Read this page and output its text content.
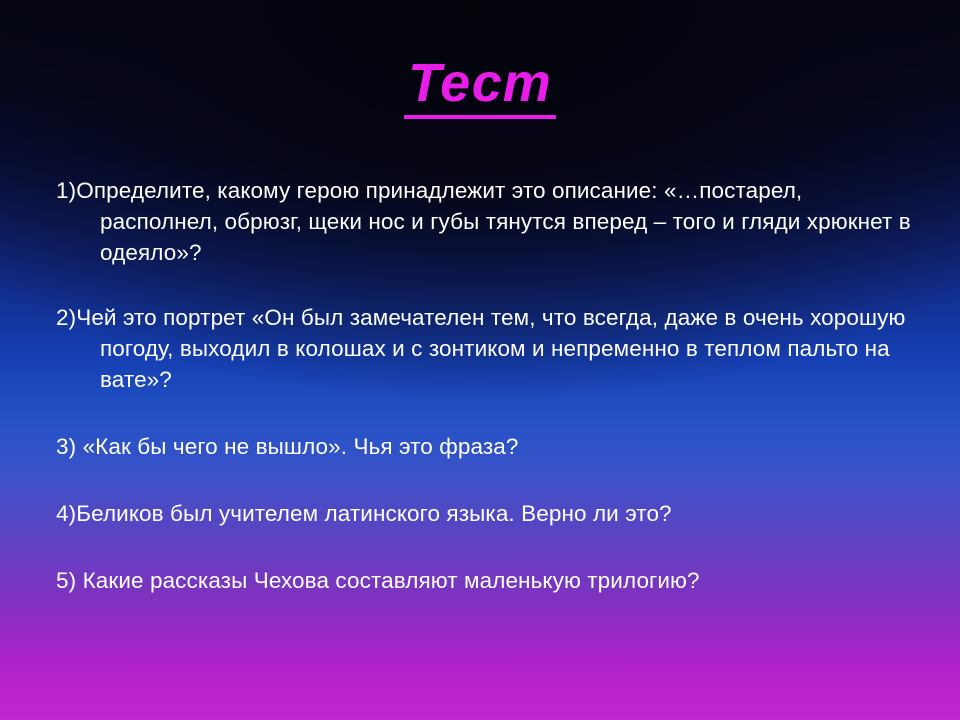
Тест

1)Определите, какому герою принадлежит это описание: «…постарел, располнел, обрюзг, щеки нос и губы тянутся вперед – того и гляди хрюкнет в одеяло»?

2)Чей это портрет «Он был замечателен тем, что всегда, даже в очень хорошую погоду, выходил в колошах и с зонтиком и непременно в теплом пальто на вате»?

3) «Как бы чего не вышло». Чья это фраза?

4)Беликов был учителем латинского языка. Верно ли это?

5) Какие рассказы Чехова составляют маленькую трилогию?
